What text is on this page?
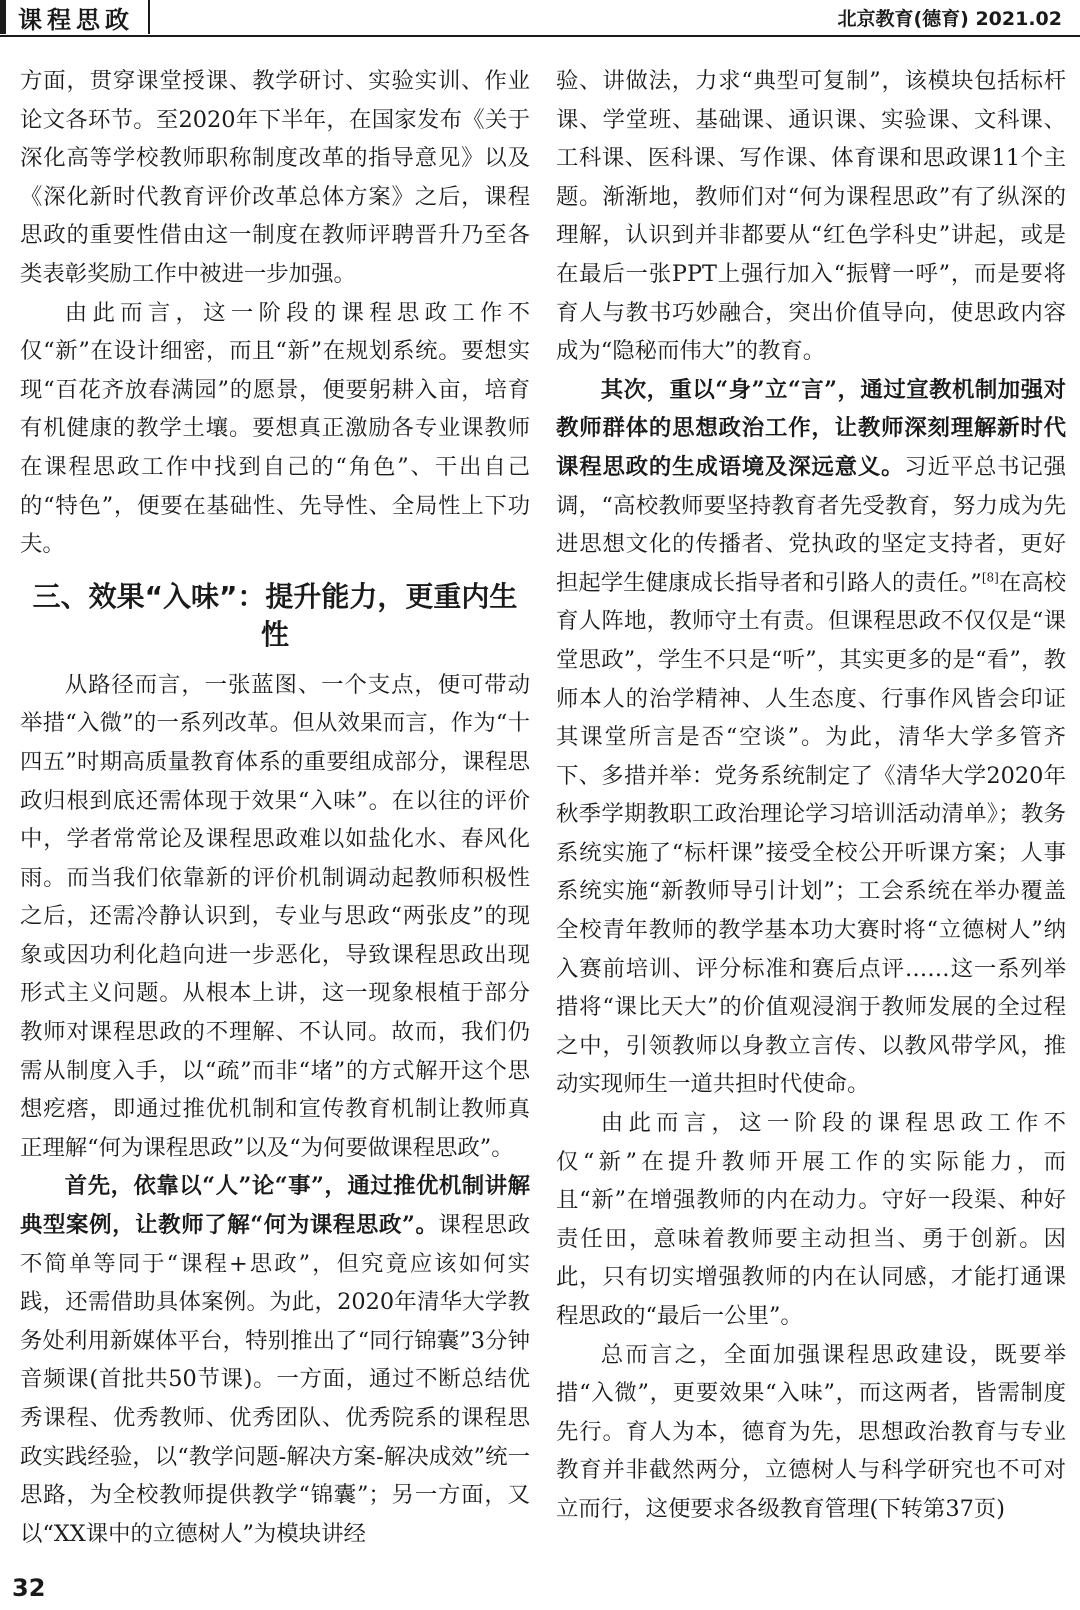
课程思政	北京教育(德育) 2021.02

方面，贯穿课堂授课、教学研讨、实验实训、作业论文各环节。至2020年下半年，在国家发布《关于深化高等学校教师职称制度改革的指导意见》以及《深化新时代教育评价改革总体方案》之后，课程思政的重要性借由这一制度在教师评聘晋升乃至各类表彰奖励工作中被进一步加强。

由此而言，这一阶段的课程思政工作不仅“新”在设计细密，而且“新”在规划系统。要想实现“百花齐放春满园”的愿景，便要躬耕入亩，培育有机健康的教学土壤。要想真正激励各专业课教师在课程思政工作中找到自己的“角色”、干出自己的“特色”，便要在基础性、先导性、全局性上下功夫。

三、效果“入味”：提升能力，更重内生性

从路径而言，一张蓝图、一个支点，便可带动举措“入微”的一系列改革。但从效果而言，作为“十四五”时期高质量教育体系的重要组成部分，课程思政归根到底还需体现于效果“入味”。在以往的评价中，学者常常论及课程思政难以如盐化水、春风化雨。而当我们依靠新的评价机制调动起教师积极性之后，还需冷静认识到，专业与思政“两张皮”的现象或因功利化趋向进一步恶化，导致课程思政出现形式主义问题。从根本上讲，这一现象根植于部分教师对课程思政的不理解、不认同。故而，我们仍需从制度入手，以“疏”而非“堵”的方式解开这个思想疙瘩，即通过推优机制和宣传教育机制让教师真正理解“何为课程思政”以及“为何要做课程思政”。

首先，依靠以“人”论“事”，通过推优机制讲解典型案例，让教师了解“何为课程思政”。课程思政不简单等同于“课程+思政”，但究竟应该如何实践，还需借助具体案例。为此，2020年清华大学教务处利用新媒体平台，特别推出了“同行锦囊”3分钟音频课(首批共50节课)。一方面，通过不断总结优秀课程、优秀教师、优秀团队、优秀院系的课程思政实践经验，以“教学问题-解决方案-解决成效”统一思路，为全校教师提供教学“锦囊”；另一方面，又以“XX课中的立德树人”为模块讲经

验、讲做法，力求“典型可复制”，该模块包括标杆课、学堂班、基础课、通识课、实验课、文科课、工科课、医科课、写作课、体育课和思政课11个主题。渐渐地，教师们对“何为课程思政”有了纵深的理解，认识到并非都要从“红色学科史”讲起，或是在最后一张PPT上强行加入“振臂一呼”，而是要将育人与教书巧妙融合，突出价值导向，使思政内容成为“隐秘而伟大”的教育。

其次，重以“身”立“言”，通过宣教机制加强对教师群体的思想政治工作，让教师深刻理解新时代课程思政的生成语境及深远意义。习近平总书记强调，“高校教师要坚持教育者先受教育，努力成为先进思想文化的传播者、党执政的坚定支持者，更好担起学生健康成长指导者和引路人的责任。”[8]在高校育人阵地，教师守土有责。但课程思政不仅仅是“课堂思政”，学生不只是“听”，其实更多的是“看”，教师本人的治学精神、人生态度、行事作风皆会印证其课堂所言是否“空谈”。为此，清华大学多管齐下、多措并举：党务系统制定了《清华大学2020年秋季学期教职工政治理论学习培训活动清单》；教务系统实施了“标杆课”接受全校公开听课方案；人事系统实施“新教师导引计划”；工会系统在举办覆盖全校青年教师的教学基本功大赛时将“立德树人”纳入赛前培训、评分标准和赛后点评……这一系列举措将“课比天大”的价值观浸润于教师发展的全过程之中，引领教师以身教立言传、以教风带学风，推动实现师生一道共担时代使命。

由此而言，这一阶段的课程思政工作不仅“新”在提升教师开展工作的实际能力，而且“新”在增强教师的内在动力。守好一段渠、种好责任田，意味着教师要主动担当、勇于创新。因此，只有切实增强教师的内在认同感，才能打通课程思政的“最后一公里”。

总而言之，全面加强课程思政建设，既要举措“入微”，更要效果“入味”，而这两者，皆需制度先行。育人为本，德育为先，思想政治教育与专业教育并非截然两分，立德树人与科学研究也不可对立而行，这便要求各级教育管理(下转第37页)

32
